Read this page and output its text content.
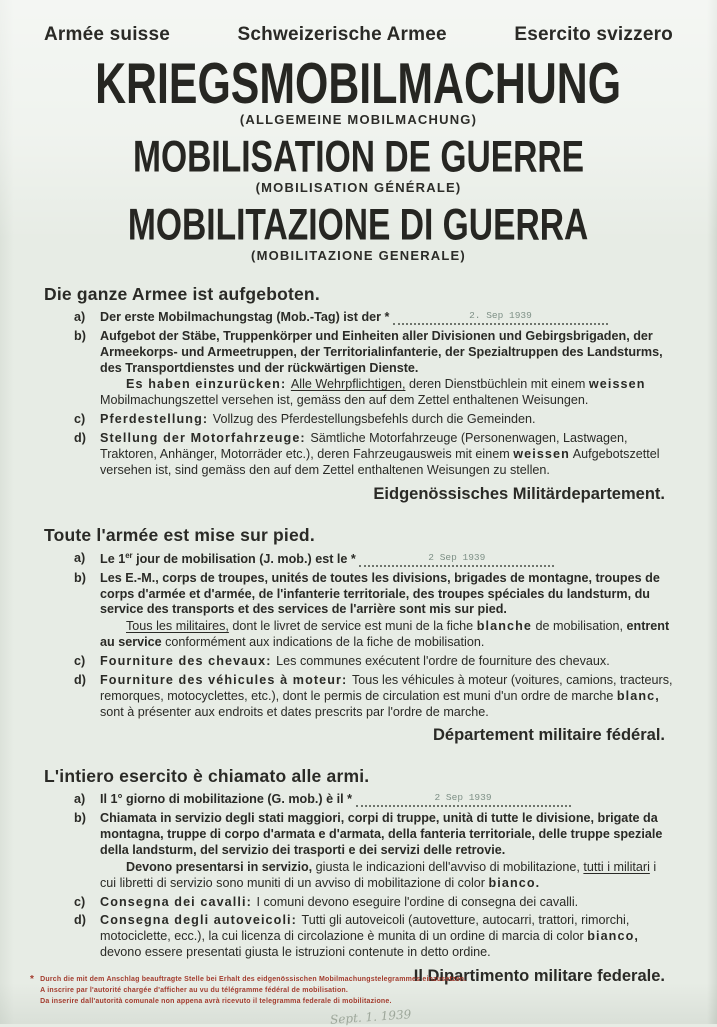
Armée suisse	Schweizerische Armee	Esercito svizzero
KRIEGSMOBILMACHUNG
(ALLGEMEINE MOBILMACHUNG)
MOBILISATION DE GUERRE
(MOBILISATION GÉNÉRALE)
MOBILITAZIONE DI GUERRA
(MOBILITAZIONE GENERALE)
Die ganze Armee ist aufgeboten.
a)	Der erste Mobilmachungstag (Mob.-Tag) ist der *	$^{2. Sep 1939}$
b)	Aufgebot der Stäbe, Truppenkörper und Einheiten aller Divisionen und Gebirgsbrigaden, der Armeekorps- und Armeetruppen, der Territorialinfanterie, der Spezialtruppen des Landsturms, des Transportdienstes und der rückwärtigen Dienste.
Es haben einzurücken: Alle Wehrpflichtigen, deren Dienstbüchlein mit einem weissen Mobilmachungszettel versehen ist, gemäss den auf dem Zettel enthaltenen Weisungen.
c)	Pferdestellung: Vollzug des Pferdestellungsbefehls durch die Gemeinden.
d)	Stellung der Motorfahrzeuge: Sämtliche Motorfahrzeuge (Personenwagen, Lastwagen, Traktoren, Anhänger, Motorräder etc.), deren Fahrzeugausweis mit einem weissen Aufgebotszettel versehen ist, sind gemäss den auf dem Zettel enthaltenen Weisungen zu stellen.
Eidgenössisches Militärdepartement.
Toute l'armée est mise sur pied.
a)	Le 1er jour de mobilisation (J. mob.) est le *	$^{2 Sep 1939}$
b)	Les E.-M., corps de troupes, unités de toutes les divisions, brigades de montagne, troupes de corps d'armée et d'armée, de l'infanterie territoriale, des troupes spéciales du landsturm, du service des transports et des services de l'arrière sont mis sur pied.
Tous les militaires, dont le livret de service est muni de la fiche blanche de mobilisation, entrent au service conformément aux indications de la fiche de mobilisation.
c)	Fourniture des chevaux: Les communes exécutent l'ordre de fourniture des chevaux.
d)	Fourniture des véhicules à moteur: Tous les véhicules à moteur (voitures, camions, tracteurs, remorques, motocyclettes, etc.), dont le permis de circulation est muni d'un ordre de marche blanc, sont à présenter aux endroits et dates prescrits par l'ordre de marche.
Département militaire fédéral.
L'intiero esercito è chiamato alle armi.
a)	Il 1° giorno di mobilitazione (G. mob.) è il *	$^{2 Sep 1939}$
b)	Chiamata in servizio degli stati maggiori, corpi di truppe, unità di tutte le divisione, brigate da montagna, truppe di corpo d'armata e d'armata, della fanteria territoriale, delle truppe speziale della landsturm, del servizio dei trasporti e dei servizi delle retrovie.
Devono presentarsi in servizio, giusta le indicazioni dell'avviso di mobilitazione, tutti i militari i cui libretti di servizio sono muniti di un avviso di mobilitazione di color bianco.
c)	Consegna dei cavalli: I comuni devono eseguire l'ordine di consegna dei cavalli.
d)	Consegna degli autoveicoli: Tutti gli autoveicoli (autovetture, autocarri, trattori, rimorchi, motociclette, ecc.), la cui licenza di circolazione è munita di un ordine di marcia di color bianco, devono essere presentati giusta le istruzioni contenute in detto ordine.
Il Dipartimento militare federale.
* Durch die mit dem Anschlag beauftragte Stelle bei Erhalt des eidgenössischen Mobilmachungstelegrammes einzusetzen.
A inscrire par l'autorité chargée d'afficher au vu du télégramme fédéral de mobilisation.
Da inserire dall'autorità comunale non appena avrà ricevuto il telegramma federale di mobilitazione.
Sept. 1. 1939
